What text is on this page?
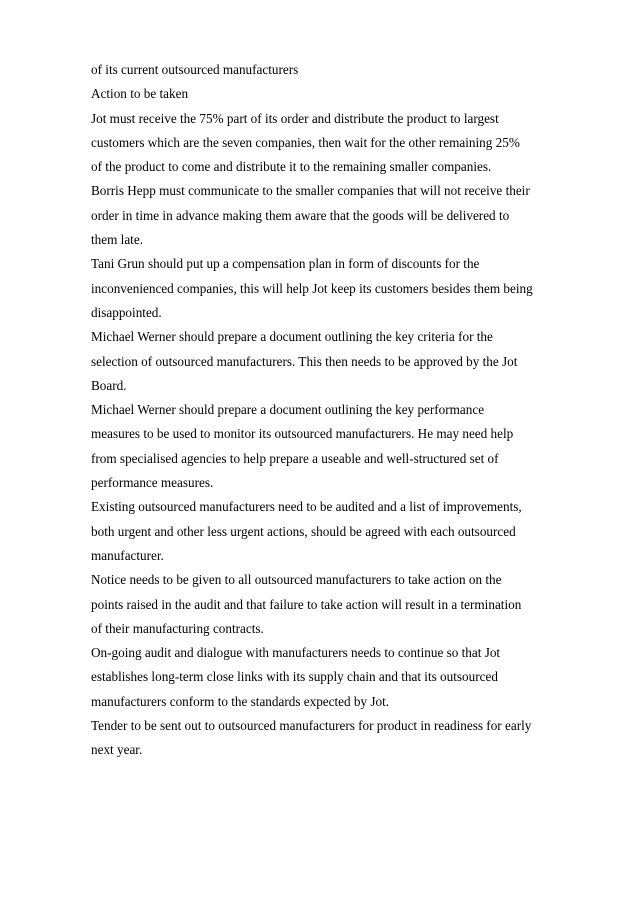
of its current outsourced manufacturers
Action to be taken
Jot must receive the 75% part of its order and distribute the product to largest
customers which are the seven companies, then wait for the other remaining 25%
of the product to come and distribute it to the remaining smaller companies.
Borris Hepp must communicate to the smaller companies that will not receive their
order in time in advance making them aware that the goods will be delivered to
them late.
Tani Grun should put up a compensation plan in form of discounts for the
inconvenienced companies, this will help Jot keep its customers besides them being
disappointed.
Michael Werner should prepare a document outlining the key criteria for the
selection of outsourced manufacturers. This then needs to be approved by the Jot
Board.
Michael Werner should prepare a document outlining the key performance
measures to be used to monitor its outsourced manufacturers. He may need help
from specialised agencies to help prepare a useable and well-structured set of
performance measures.
Existing outsourced manufacturers need to be audited and a list of improvements,
both urgent and other less urgent actions, should be agreed with each outsourced
manufacturer.
Notice needs to be given to all outsourced manufacturers to take action on the
points raised in the audit and that failure to take action will result in a termination
of their manufacturing contracts.
On-going audit and dialogue with manufacturers needs to continue so that Jot
establishes long-term close links with its supply chain and that its outsourced
manufacturers conform to the standards expected by Jot.
Tender to be sent out to outsourced manufacturers for product in readiness for early
next year.
